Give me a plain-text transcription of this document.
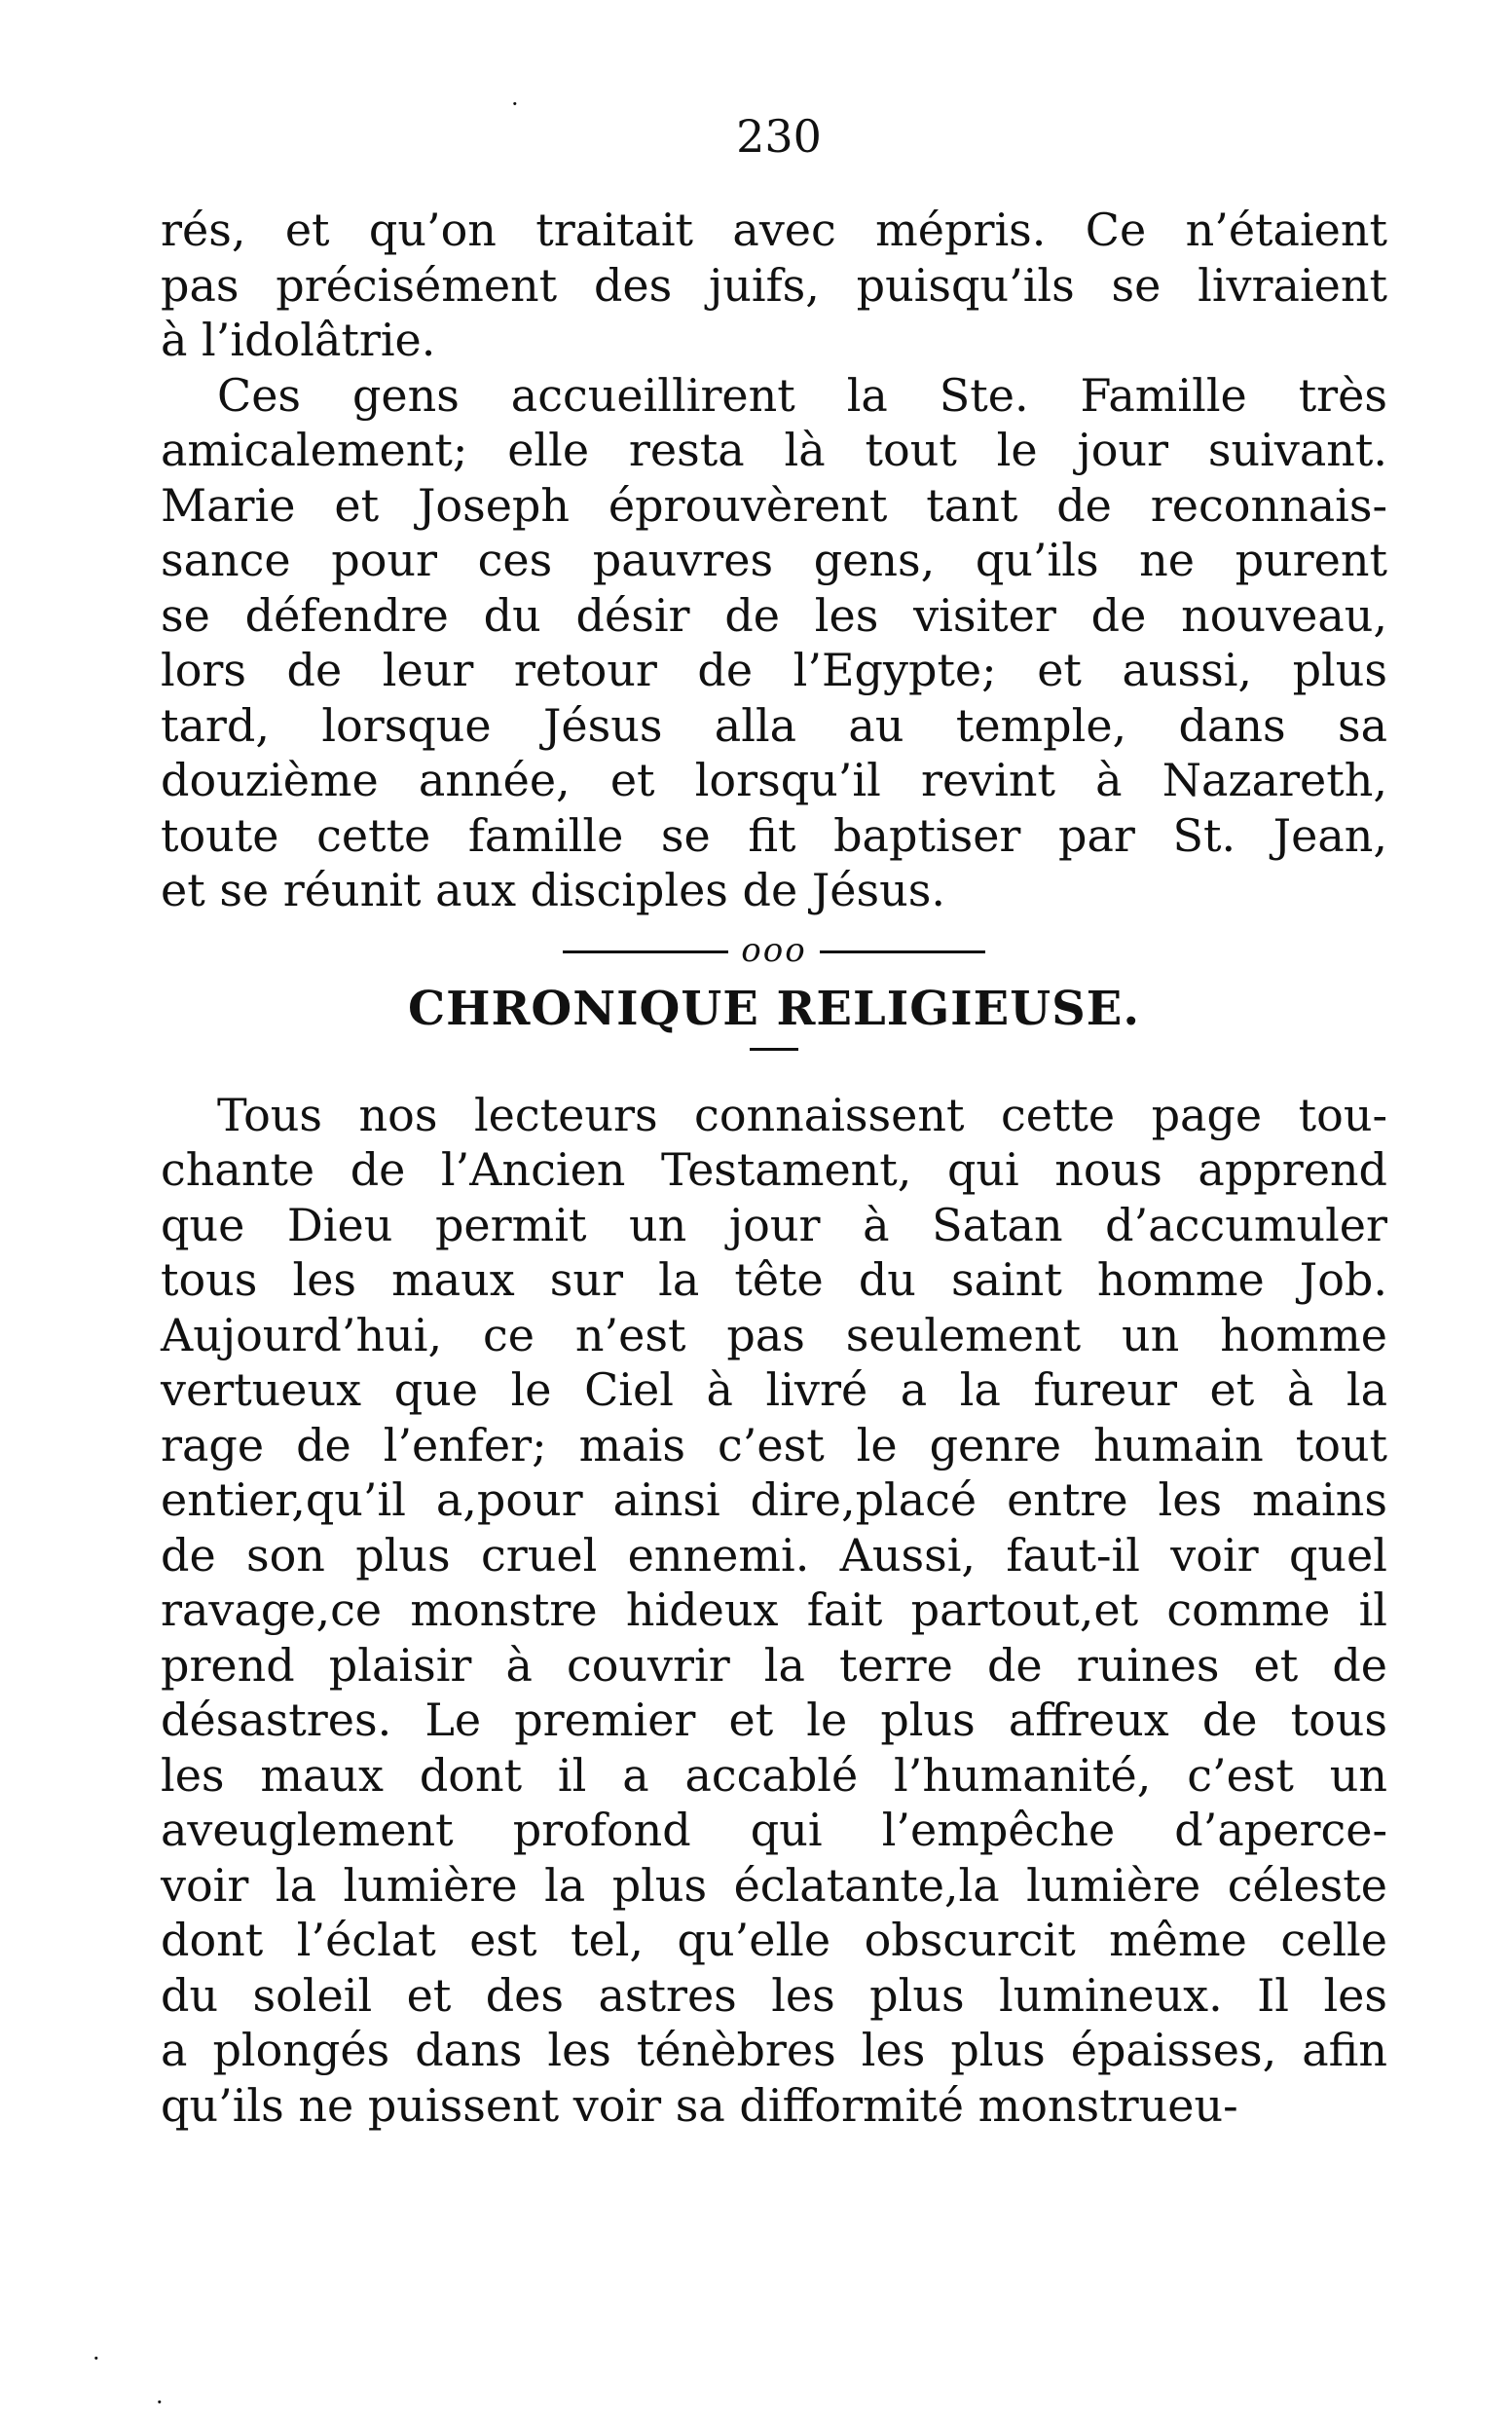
·
·
·
230
rés, et qu’on traitait avec mépris. Ce n’étaient
pas précisément des juifs, puisqu’ils se livraient
à l’idolâtrie.
Ces gens accueillirent la Ste. Famille très
amicalement; elle resta là tout le jour suivant.
Marie et Joseph éprouvèrent tant de reconnais-
sance pour ces pauvres gens, qu’ils ne purent
se défendre du désir de les visiter de nouveau,
lors de leur retour de l’Egypte; et aussi, plus
tard, lorsque Jésus alla au temple, dans sa
douzième année, et lorsqu’il revint à Nazareth,
toute cette famille se fit baptiser par St. Jean,
et se réunit aux disciples de Jésus.
ooo
CHRONIQUE RELIGIEUSE.
Tous nos lecteurs connaissent cette page tou-
chante de l’Ancien Testament, qui nous apprend
que Dieu permit un jour à Satan d’accumuler
tous les maux sur la tête du saint homme Job.
Aujourd’hui, ce n’est pas seulement un homme
vertueux que le Ciel à livré a la fureur et à la
rage de l’enfer; mais c’est le genre humain tout
entier,qu’il a,pour ainsi dire,placé entre les mains
de son plus cruel ennemi. Aussi, faut-il voir quel
ravage,ce monstre hideux fait partout,et comme il
prend plaisir à couvrir la terre de ruines et de
désastres. Le premier et le plus affreux de tous
les maux dont il a accablé l’humanité, c’est un
aveuglement profond qui l’empêche d’aperce-
voir la lumière la plus éclatante,la lumière céleste
dont l’éclat est tel, qu’elle obscurcit même celle
du soleil et des astres les plus lumineux. Il les
a plongés dans les ténèbres les plus épaisses, afin
qu’ils ne puissent voir sa difformité monstrueu-
